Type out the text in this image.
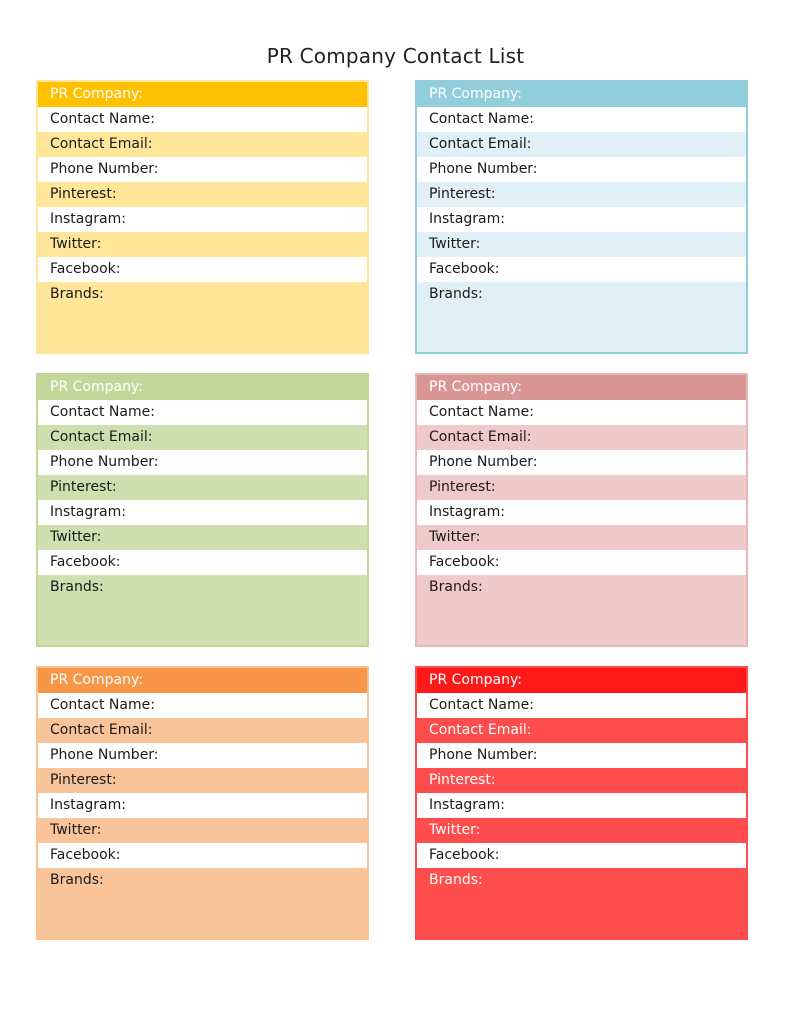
PR Company Contact List
PR Company:
Contact Name:
Contact Email:
Phone Number:
Pinterest:
Instagram:
Twitter:
Facebook:
Brands:
PR Company:
Contact Name:
Contact Email:
Phone Number:
Pinterest:
Instagram:
Twitter:
Facebook:
Brands:
PR Company:
Contact Name:
Contact Email:
Phone Number:
Pinterest:
Instagram:
Twitter:
Facebook:
Brands:
PR Company:
Contact Name:
Contact Email:
Phone Number:
Pinterest:
Instagram:
Twitter:
Facebook:
Brands:
PR Company:
Contact Name:
Contact Email:
Phone Number:
Pinterest:
Instagram:
Twitter:
Facebook:
Brands:
PR Company:
Contact Name:
Contact Email:
Phone Number:
Pinterest:
Instagram:
Twitter:
Facebook:
Brands:
